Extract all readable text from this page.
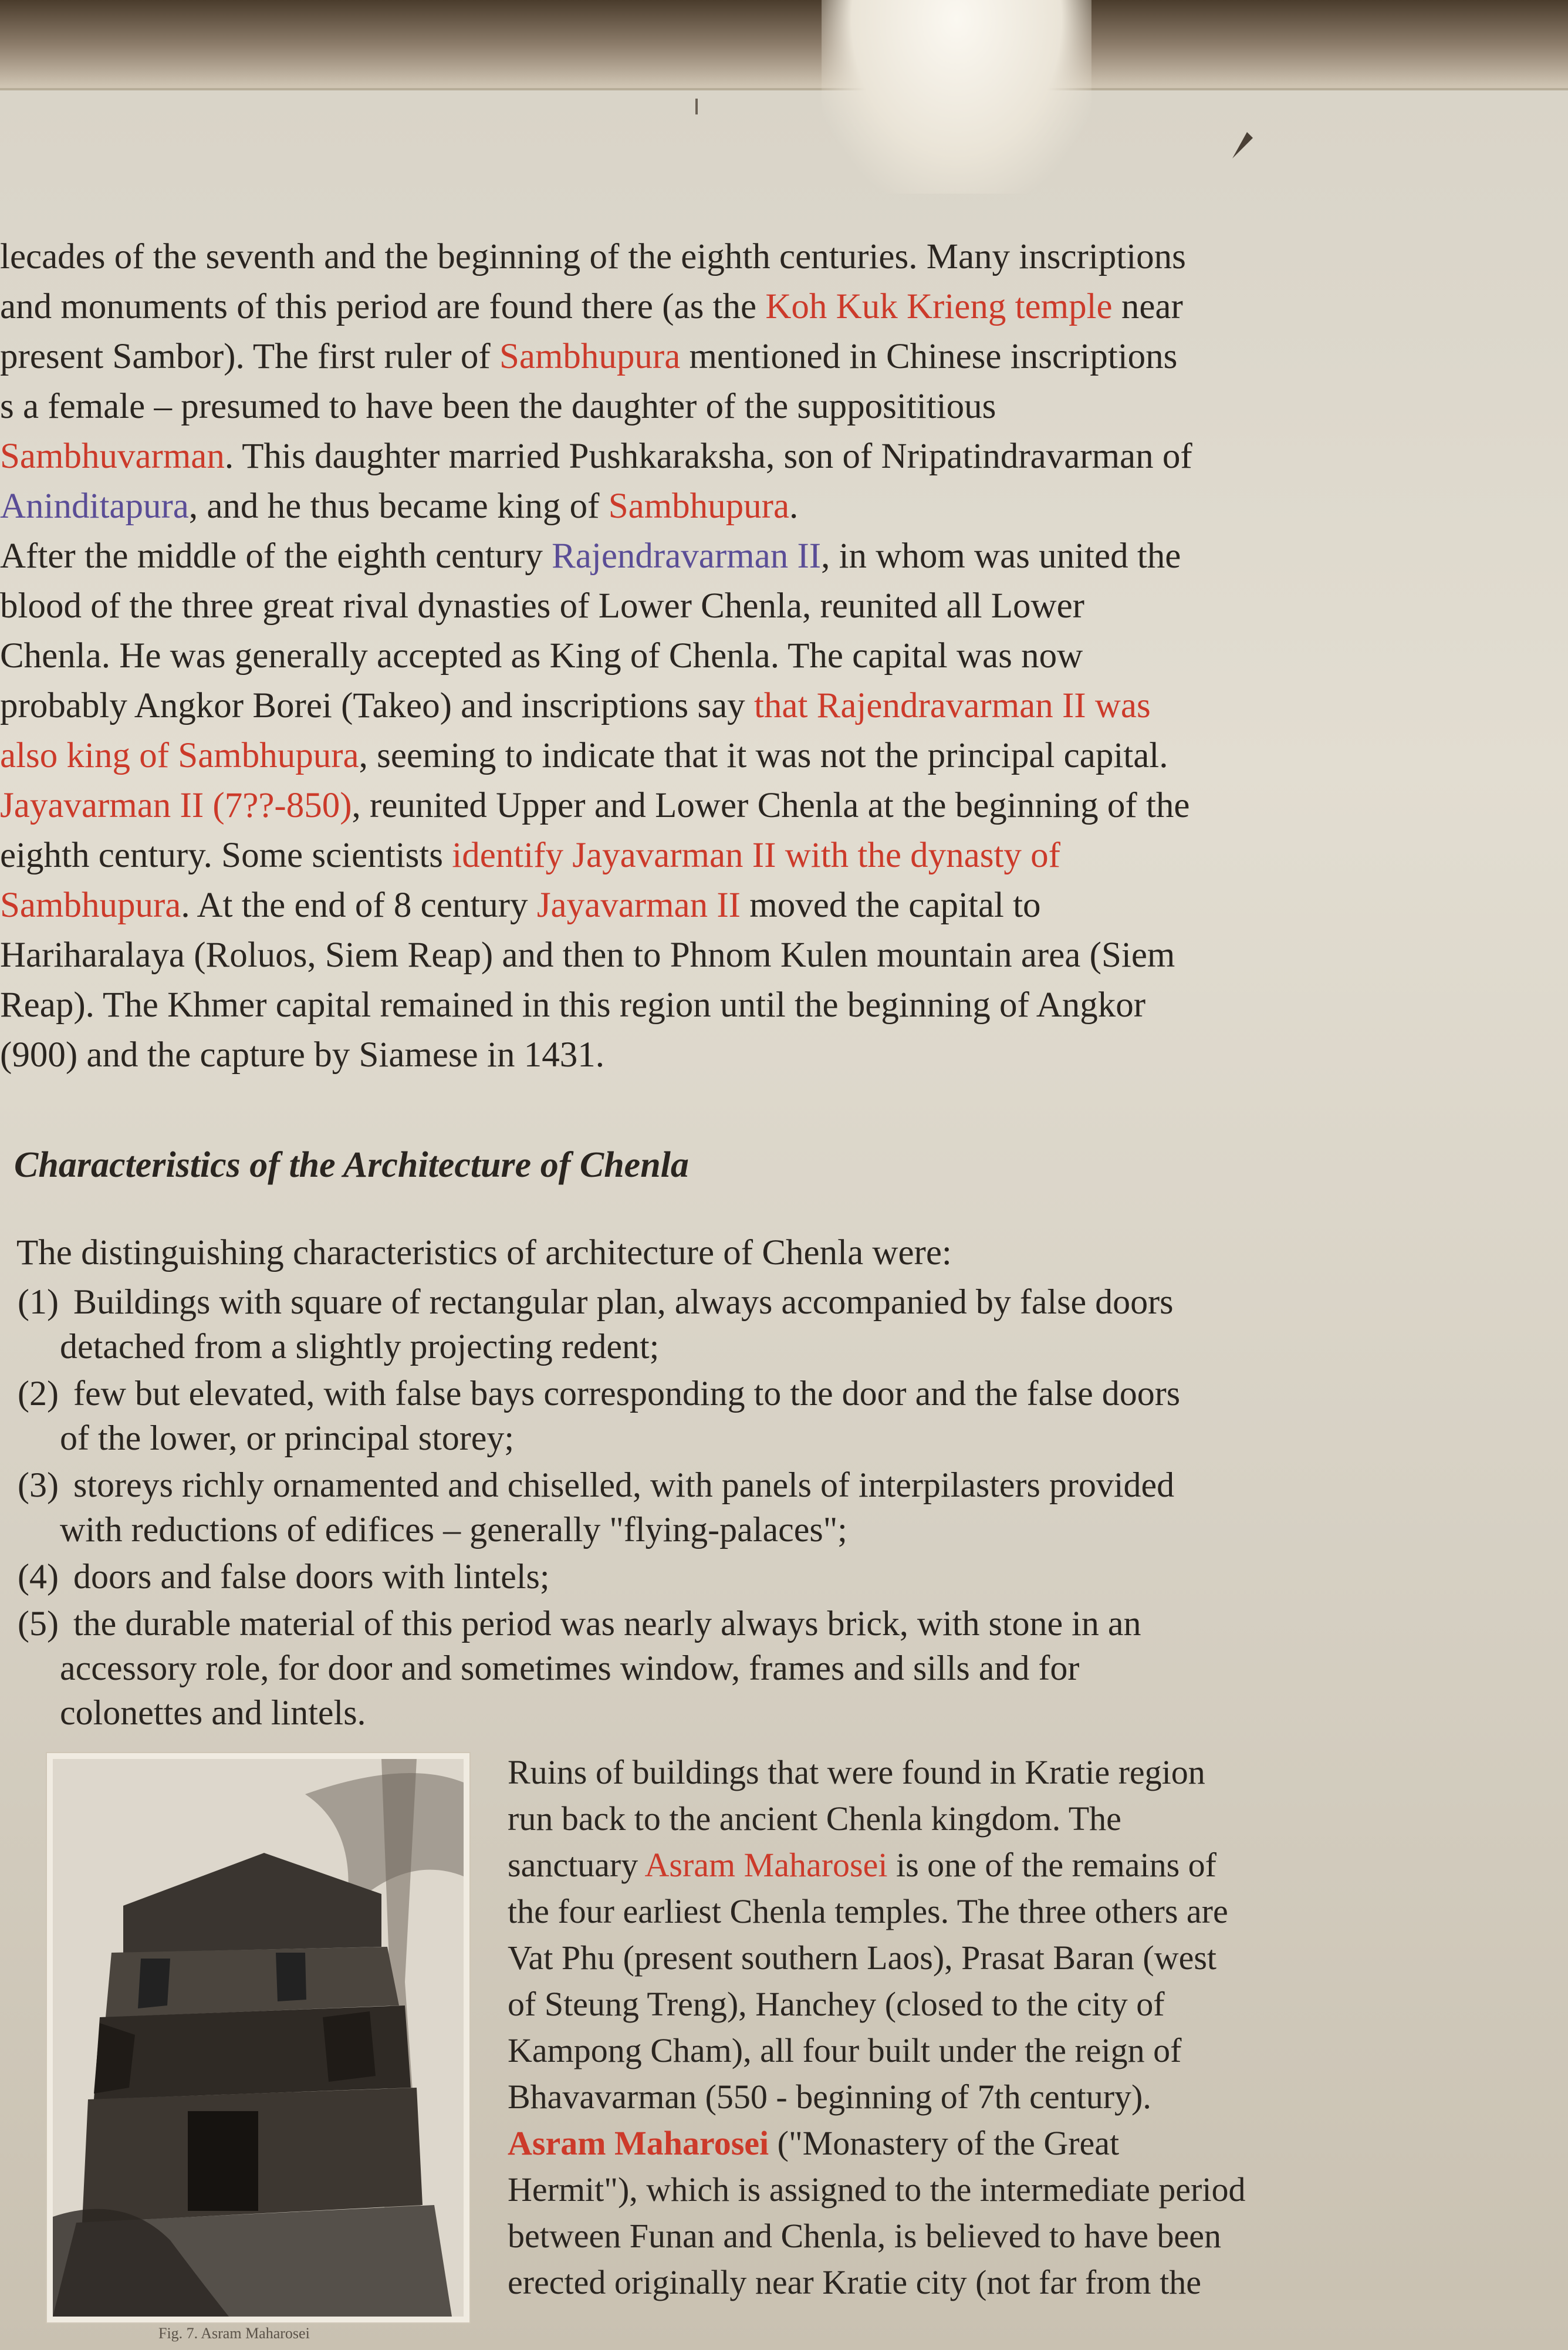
lecades of the seventh and the beginning of the eighth centuries. Many inscriptions

and monuments of this period are found there (as the Koh Kuk Krieng temple near

present Sambor). The first ruler of Sambhupura mentioned in Chinese inscriptions

s a female – presumed to have been the daughter of the supposititious

Sambhuvarman. This daughter married Pushkaraksha, son of Nripatindravarman of

Aninditapura, and he thus became king of Sambhupura.

After the middle of the eighth century Rajendravarman II, in whom was united the

blood of the three great rival dynasties of Lower Chenla, reunited all Lower

Chenla. He was generally accepted as King of Chenla. The capital was now

probably Angkor Borei (Takeo) and inscriptions say that Rajendravarman II was

also king of Sambhupura, seeming to indicate that it was not the principal capital.

Jayavarman II (7??-850), reunited Upper and Lower Chenla at the beginning of the

eighth century. Some scientists identify Jayavarman II with the dynasty of

Sambhupura. At the end of 8 century Jayavarman II moved the capital to

Hariharalaya (Roluos, Siem Reap) and then to Phnom Kulen mountain area (Siem

Reap). The Khmer capital remained in this region until the beginning of Angkor

(900) and the capture by Siamese in 1431.

Characteristics of the Architecture of Chenla
The distinguishing characteristics of architecture of Chenla were:
(1) Buildings with square of rectangular plan, always accompanied by false doors
detached from a slightly projecting redent;
(2) few but elevated, with false bays corresponding to the door and the false doors
of the lower, or principal storey;
(3) storeys richly ornamented and chiselled, with panels of interpilasters provided
with reductions of edifices – generally "flying-palaces";
(4) doors and false doors with lintels;
(5) the durable material of this period was nearly always brick, with stone in an
accessory role, for door and sometimes window, frames and sills and for
colonettes and lintels.
Fig. 7. Asram Maharosei

Ruins of buildings that were found in Kratie region

run back to the ancient Chenla kingdom. The

sanctuary Asram Maharosei is one of the remains of

the four earliest Chenla temples. The three others are

Vat Phu (present southern Laos), Prasat Baran (west

of Steung Treng), Hanchey (closed to the city of

Kampong Cham), all four built under the reign of

Bhavavarman (550 - beginning of 7th century).

Asram Maharosei ("Monastery of the Great

Hermit"), which is assigned to the intermediate period

between Funan and Chenla, is believed to have been

erected originally near Kratie city (not far from the
